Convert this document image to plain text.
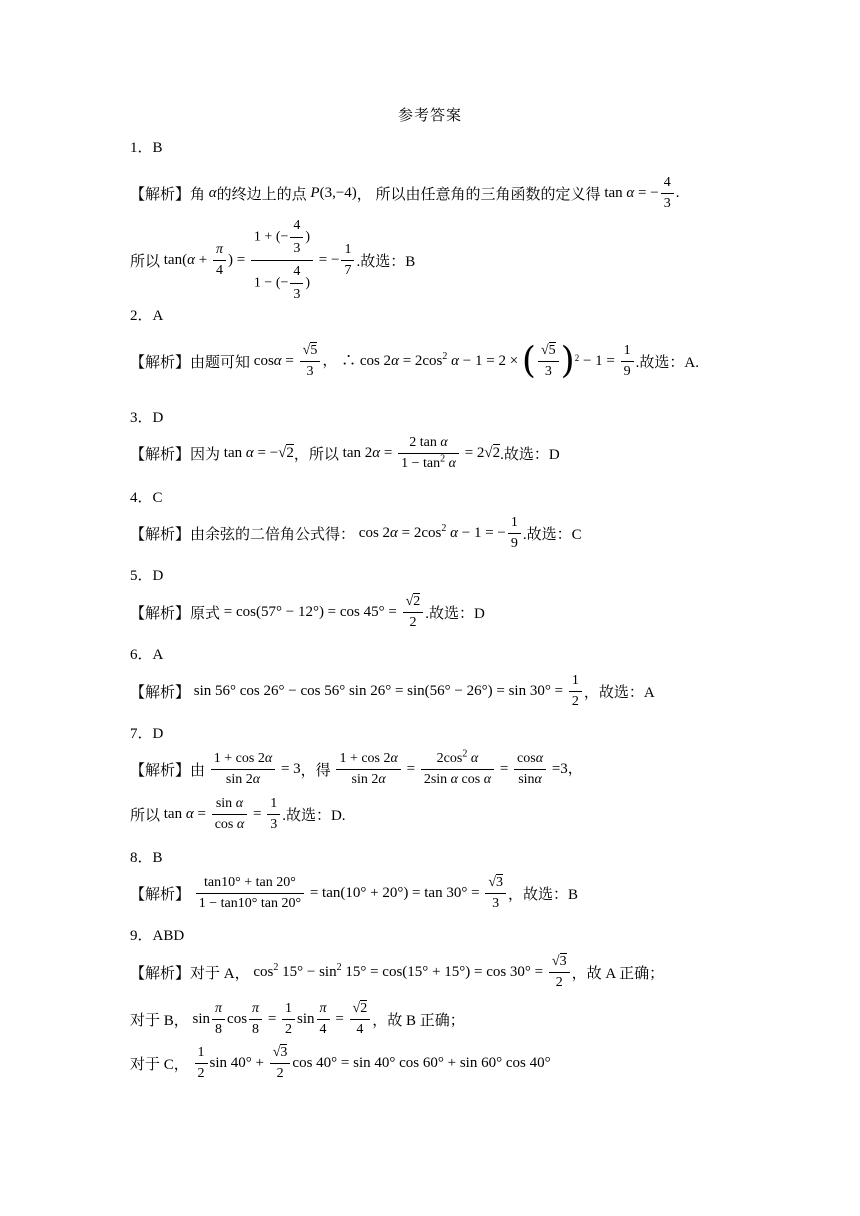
参考答案
1．B
【解析】角 α的终边上的点 P(3,−4)， 所以由任意角的三角函数的定义得 tan α = − $\frac{4}{3}$ .
所以 $\tan(\alpha + \frac{\pi}{4}$ ) = $\frac{1 + (- \frac{4}{3} )}{1 - (- \frac{4}{3} )}$ = − $\frac{1}{7}$ .故选：B
2．A
【解析】由题可知 $\cos\alpha = \frac{√5}{3}$ ， ∴ $\cos 2\alpha = 2\cos^2$ α − 1 = 2 × ( $\frac{√5}{3} )^2 - 1 = \frac{1}{9}$ .故选：A.
3．D
【解析】因为 tan α = −√2，所以 $\tan 2\alpha = \frac{\text{2 tan α}}{1 - \tan^2 \alpha} = 2√2$.故选：D
4．C
【解析】由余弦的二倍角公式得： $\cos 2\alpha = 2\cos^2$ α − 1 = − $\frac{1}{9}$ .故选：C
5．D
【解析】原式 = $\cos(57^\circ - 12^\circ) = \cos 45^\circ = \frac{√2}{2}$ .故选：D
6．A
【解析】 sin 56° cos 26° − cos 56° $\sin 26^\circ = \sin(56^\circ - 26^\circ) = \sin 30^\circ = \frac{1}{2}$ ，故选：A
7．D
【解析】由 $\frac{1 + \cos 2\alpha}{\sin 2\alpha} = 3$，得 $\frac{1 + \cos 2\alpha}{\sin 2\alpha} = \frac{2\cos^2 \alpha}{\text{2sin α cos α}} = \frac{\cos\alpha}{\sin\alpha} =3$，
所以 $\tan \alpha = \frac{\text{sin α}}{\text{cos α}} = \frac{1}{3}$ .故选：D.
8．B
【解析】 $\frac{\tan 10^\circ + \tan 20^\circ}{1 - \tan 10^\circ \tan 20^\circ} = \tan(10^\circ + 20^\circ) = \tan 30^\circ = \frac{√3}{3}$ ，故选：B
9．ABD
【解析】对于 A， $\cos^2 15^\circ - \sin^2 15^\circ = \cos(15^\circ + 15^\circ) = \cos 30^\circ = \frac{√3}{2}$ ，故 A 正确；
对于 B， $\sin \frac{\pi}{8}$ $\cos \frac{\pi}{8} = \frac{1}{2}$ $\sin \frac{\pi}{4} = \frac{√2}{4}$ ，故 B 正确；
对于 C， $\frac{1}{2}$ $\sin 40^\circ + \frac{√3}{2}$ cos 40° = sin 40° cos 60° + sin 60° cos 40°
